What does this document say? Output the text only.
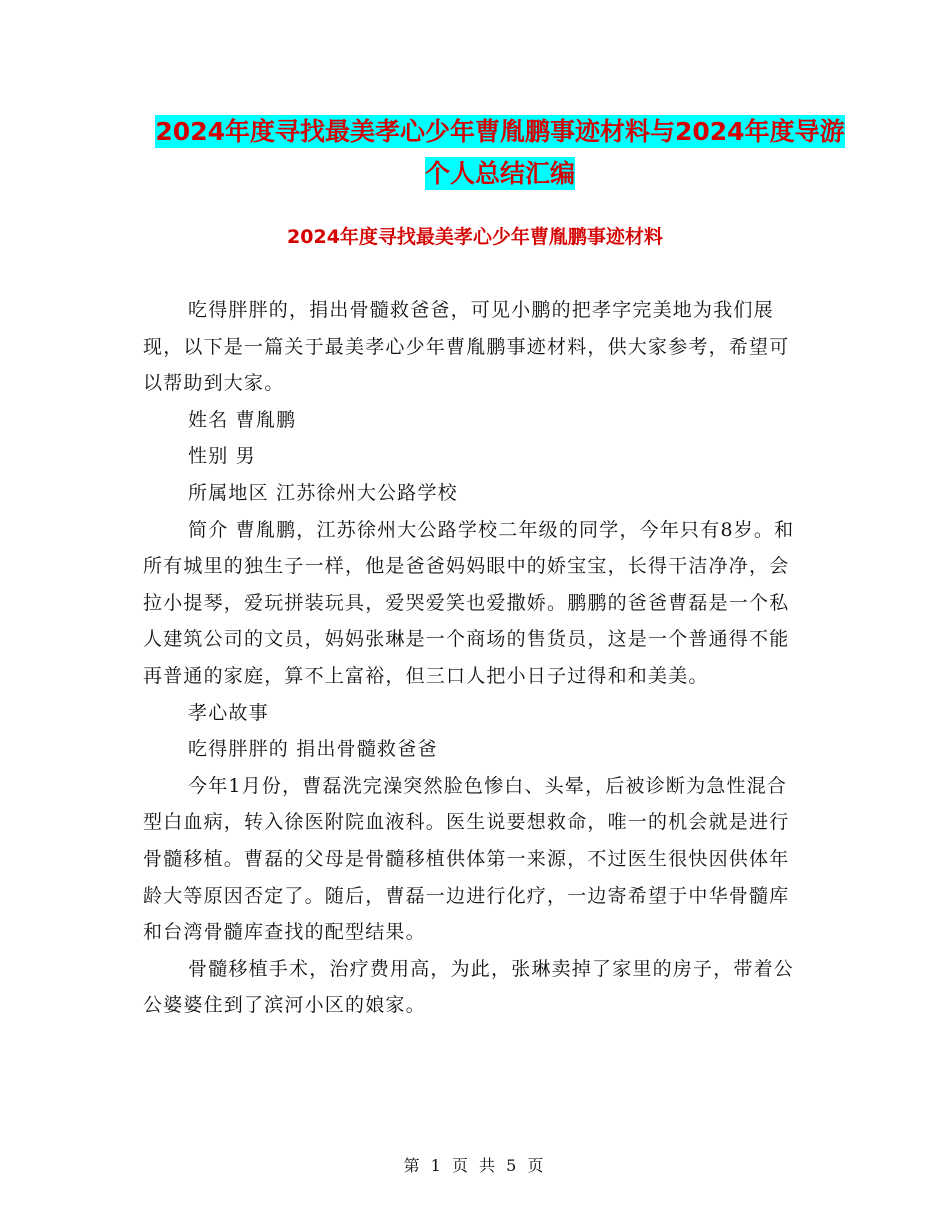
2024年度寻找最美孝心少年曹胤鹏事迹材料与2024年度导游个人总结汇编
2024年度寻找最美孝心少年曹胤鹏事迹材料

吃得胖胖的，捐出骨髓救爸爸，可见小鹏的把孝字完美地为我们展现，以下是一篇关于最美孝心少年曹胤鹏事迹材料，供大家参考，希望可以帮助到大家。

姓名 曹胤鹏

性别 男

所属地区 江苏徐州大公路学校

简介 曹胤鹏，江苏徐州大公路学校二年级的同学，今年只有8岁。和所有城里的独生子一样，他是爸爸妈妈眼中的娇宝宝，长得干洁净净，会拉小提琴，爱玩拼装玩具，爱哭爱笑也爱撒娇。鹏鹏的爸爸曹磊是一个私人建筑公司的文员，妈妈张琳是一个商场的售货员，这是一个普通得不能再普通的家庭，算不上富裕，但三口人把小日子过得和和美美。

孝心故事

吃得胖胖的 捐出骨髓救爸爸

今年1月份，曹磊洗完澡突然脸色惨白、头晕，后被诊断为急性混合型白血病，转入徐医附院血液科。医生说要想救命，唯一的机会就是进行骨髓移植。曹磊的父母是骨髓移植供体第一来源，不过医生很快因供体年龄大等原因否定了。随后，曹磊一边进行化疗，一边寄希望于中华骨髓库和台湾骨髓库查找的配型结果。

骨髓移植手术，治疗费用高，为此，张琳卖掉了家里的房子，带着公公婆婆住到了滨河小区的娘家。

第 1 页 共 5 页
